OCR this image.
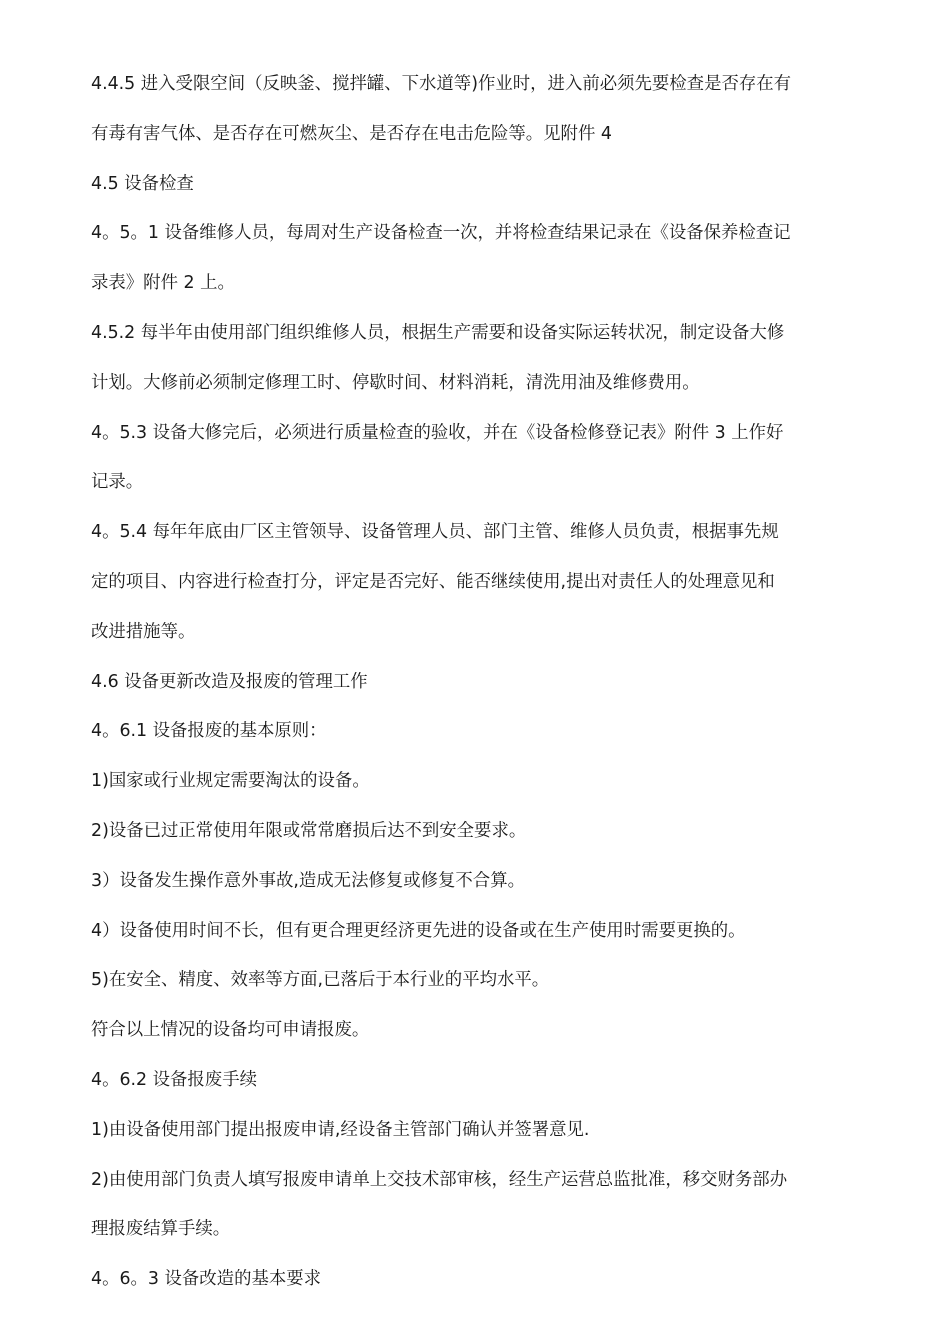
4.4.5 进入受限空间（反映釜、搅拌罐、下水道等)作业时，进入前必须先要检查是否存在有

有毒有害气体、是否存在可燃灰尘、是否存在电击危险等。见附件 4

4.5 设备检查

4。5。1 设备维修人员，每周对生产设备检查一次，并将检查结果记录在《设备保养检查记

录表》附件 2 上。

4.5.2 每半年由使用部门组织维修人员，根据生产需要和设备实际运转状况，制定设备大修

计划。大修前必须制定修理工时、停歇时间、材料消耗，清洗用油及维修费用。

4。5.3 设备大修完后，必须进行质量检查的验收，并在《设备检修登记表》附件 3 上作好

记录。

4。5.4 每年年底由厂区主管领导、设备管理人员、部门主管、维修人员负责，根据事先规

定的项目、内容进行检查打分，评定是否完好、能否继续使用,提出对责任人的处理意见和

改进措施等。

4.6 设备更新改造及报废的管理工作

4。6.1 设备报废的基本原则：

1)国家或行业规定需要淘汰的设备。

2)设备已过正常使用年限或常常磨损后达不到安全要求。

3）设备发生操作意外事故,造成无法修复或修复不合算。

4）设备使用时间不长，但有更合理更经济更先进的设备或在生产使用时需要更换的。

5)在安全、精度、效率等方面,已落后于本行业的平均水平。

符合以上情况的设备均可申请报废。

4。6.2 设备报废手续

1)由设备使用部门提出报废申请,经设备主管部门确认并签署意见.

2)由使用部门负责人填写报废申请单上交技术部审核，经生产运营总监批准，移交财务部办

理报废结算手续。

4。6。3 设备改造的基本要求
